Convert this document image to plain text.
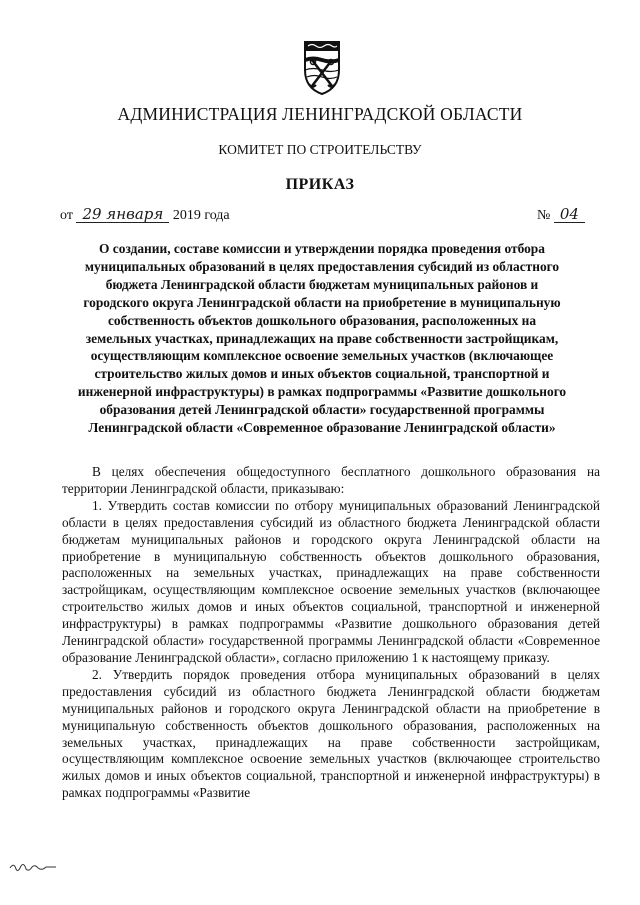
АДМИНИСТРАЦИЯ ЛЕНИНГРАДСКОЙ ОБЛАСТИ
КОМИТЕТ ПО СТРОИТЕЛЬСТВУ
ПРИКАЗ
от 29 января 2019 года	№ 04
О создании, составе комиссии и утверждении порядка проведения отбора муниципальных образований в целях предоставления субсидий из областного бюджета Ленинградской области бюджетам муниципальных районов и городского округа Ленинградской области на приобретение в муниципальную собственность объектов дошкольного образования, расположенных на земельных участках, принадлежащих на праве собственности застройщикам, осуществляющим комплексное освоение земельных участков (включающее строительство жилых домов и иных объектов социальной, транспортной и инженерной инфраструктуры) в рамках подпрограммы «Развитие дошкольного образования детей Ленинградской области» государственной программы Ленинградской области «Современное образование Ленинградской области»

В целях обеспечения общедоступного бесплатного дошкольного образования на территории Ленинградской области, приказываю:

1. Утвердить состав комиссии по отбору муниципальных образований Ленинградской области в целях предоставления субсидий из областного бюджета Ленинградской области бюджетам муниципальных районов и городского округа Ленинградской области на приобретение в муниципальную собственность объектов дошкольного образования, расположенных на земельных участках, принадлежащих на праве собственности застройщикам, осуществляющим комплексное освоение земельных участков (включающее строительство жилых домов и иных объектов социальной, транспортной и инженерной инфраструктуры) в рамках подпрограммы «Развитие дошкольного образования детей Ленинградской области» государственной программы Ленинградской области «Современное образование Ленинградской области», согласно приложению 1 к настоящему приказу.

2. Утвердить порядок проведения отбора муниципальных образований в целях предоставления субсидий из областного бюджета Ленинградской области бюджетам муниципальных районов и городского округа Ленинградской области на приобретение в муниципальную собственность объектов дошкольного образования, расположенных на земельных участках, принадлежащих на праве собственности застройщикам, осуществляющим комплексное освоение земельных участков (включающее строительство жилых домов и иных объектов социальной, транспортной и инженерной инфраструктуры) в рамках подпрограммы «Развитие
